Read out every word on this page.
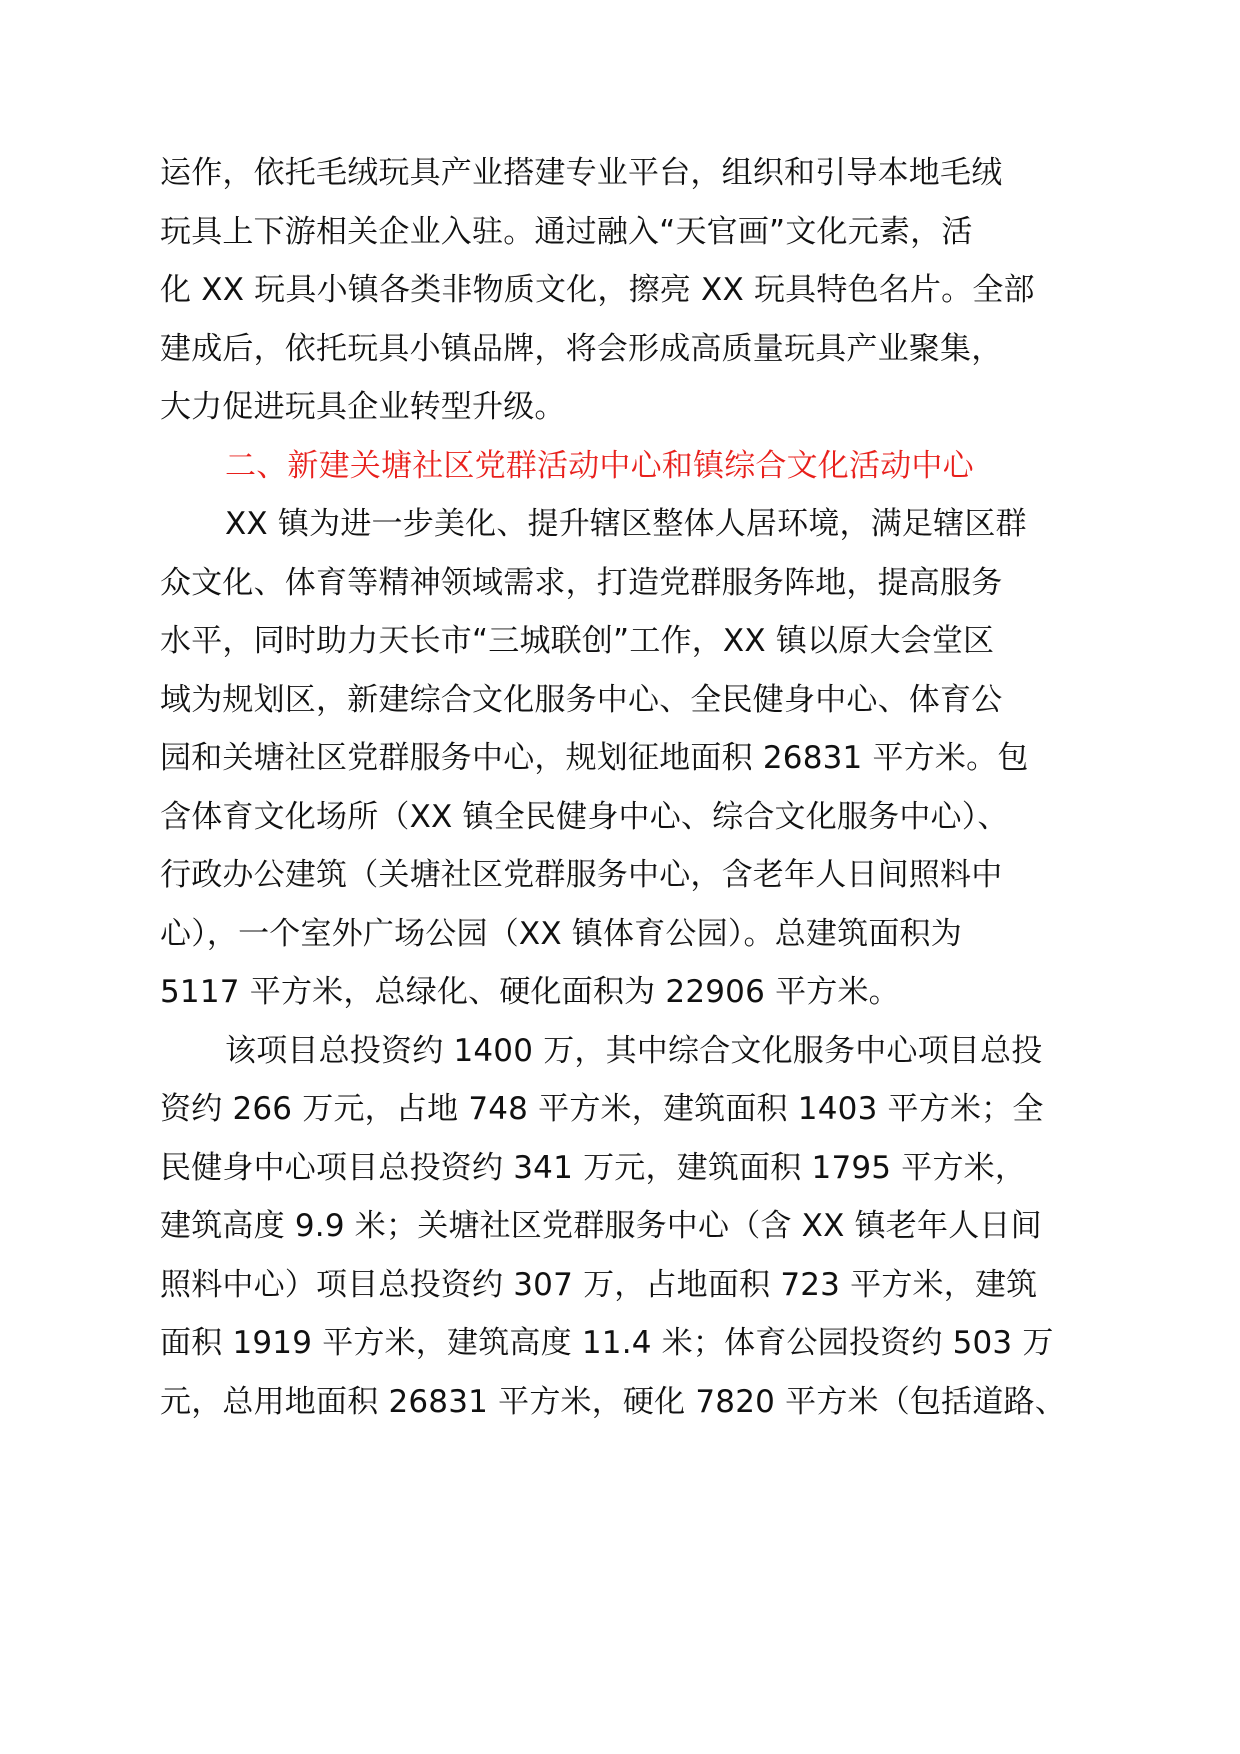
运作，依托毛绒玩具产业搭建专业平台，组织和引导本地毛绒
玩具上下游相关企业入驻。通过融入“天官画”文化元素，活
化 XX 玩具小镇各类非物质文化，擦亮 XX 玩具特色名片。全部
建成后，依托玩具小镇品牌，将会形成高质量玩具产业聚集，
大力促进玩具企业转型升级。
二、新建关塘社区党群活动中心和镇综合文化活动中心
XX 镇为进一步美化、提升辖区整体人居环境，满足辖区群
众文化、体育等精神领域需求，打造党群服务阵地，提高服务
水平，同时助力天长市“三城联创”工作，XX 镇以原大会堂区
域为规划区，新建综合文化服务中心、全民健身中心、体育公
园和关塘社区党群服务中心，规划征地面积 26831 平方米。包
含体育文化场所（XX 镇全民健身中心、综合文化服务中心）、
行政办公建筑（关塘社区党群服务中心，含老年人日间照料中
心），一个室外广场公园（XX 镇体育公园）。总建筑面积为
5117 平方米，总绿化、硬化面积为 22906 平方米。
该项目总投资约 1400 万，其中综合文化服务中心项目总投
资约 266 万元，占地 748 平方米，建筑面积 1403 平方米；全
民健身中心项目总投资约 341 万元，建筑面积 1795 平方米，
建筑高度 9.9 米；关塘社区党群服务中心（含 XX 镇老年人日间
照料中心）项目总投资约 307 万，占地面积 723 平方米，建筑
面积 1919 平方米，建筑高度 11.4 米；体育公园投资约 503 万
元，总用地面积 26831 平方米，硬化 7820 平方米（包括道路、
